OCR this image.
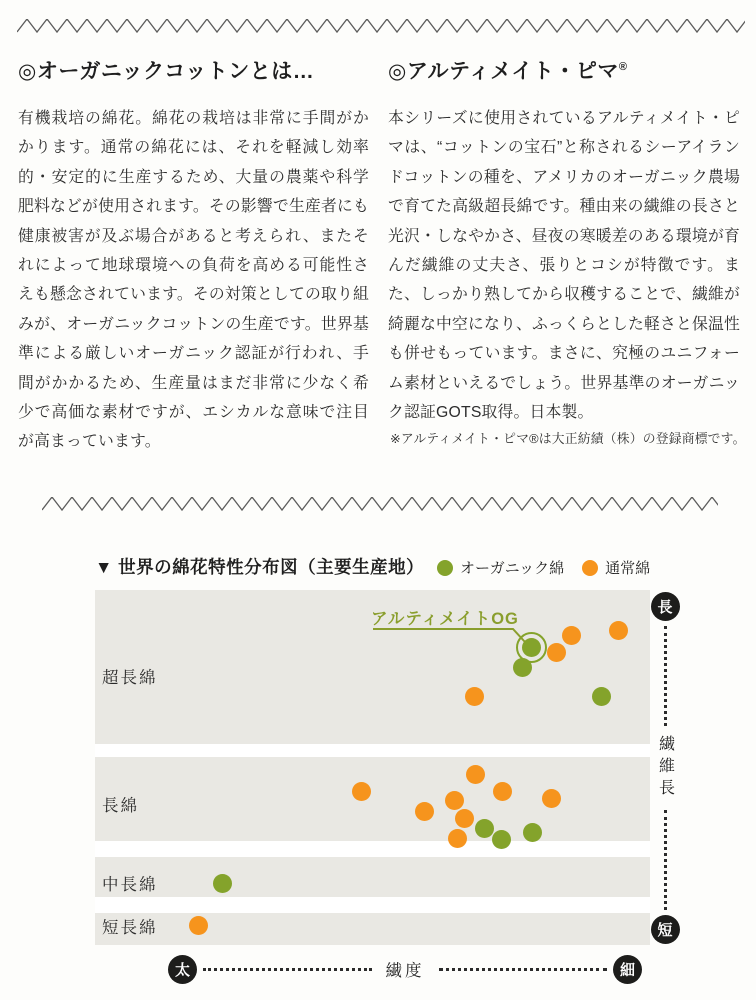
◎オーガニックコットンとは…
有機栽培の綿花。綿花の栽培は非常に手間がかかります。通常の綿花には、それを軽減し効率的・安定的に生産するため、大量の農薬や科学肥料などが使用されます。その影響で生産者にも健康被害が及ぶ場合があると考えられ、またそれによって地球環境への負荷を高める可能性さえも懸念されています。その対策としての取り組みが、オーガニックコットンの生産です。世界基準による厳しいオーガニック認証が行われ、手間がかかるため、生産量はまだ非常に少なく希少で高価な素材ですが、エシカルな意味で注目が高まっています。
◎アルティメイト・ピマ®
本シリーズに使用されているアルティメイト・ピマは、“コットンの宝石”と称されるシーアイランドコットンの種を、アメリカのオーガニック農場で育てた高級超長綿です。種由来の繊維の長さと光沢・しなやかさ、昼夜の寒暖差のある環境が育んだ繊維の丈夫さ、張りとコシが特徴です。また、しっかり熟してから収穫することで、繊維が綺麗な中空になり、ふっくらとした軽さと保温性も併せもっています。まさに、究極のユニフォーム素材といえるでしょう。世界基準のオーガニック認証GOTS取得。日本製。
※アルティメイト・ピマ®は大正紡績（株）の登録商標です。
▼ 世界の綿花特性分布図（主要生産地） オーガニック綿	通常綿
アルティメイトOG
超長綿
長綿
中長綿
短長綿
長
繊維長
短
太	繊度	細
